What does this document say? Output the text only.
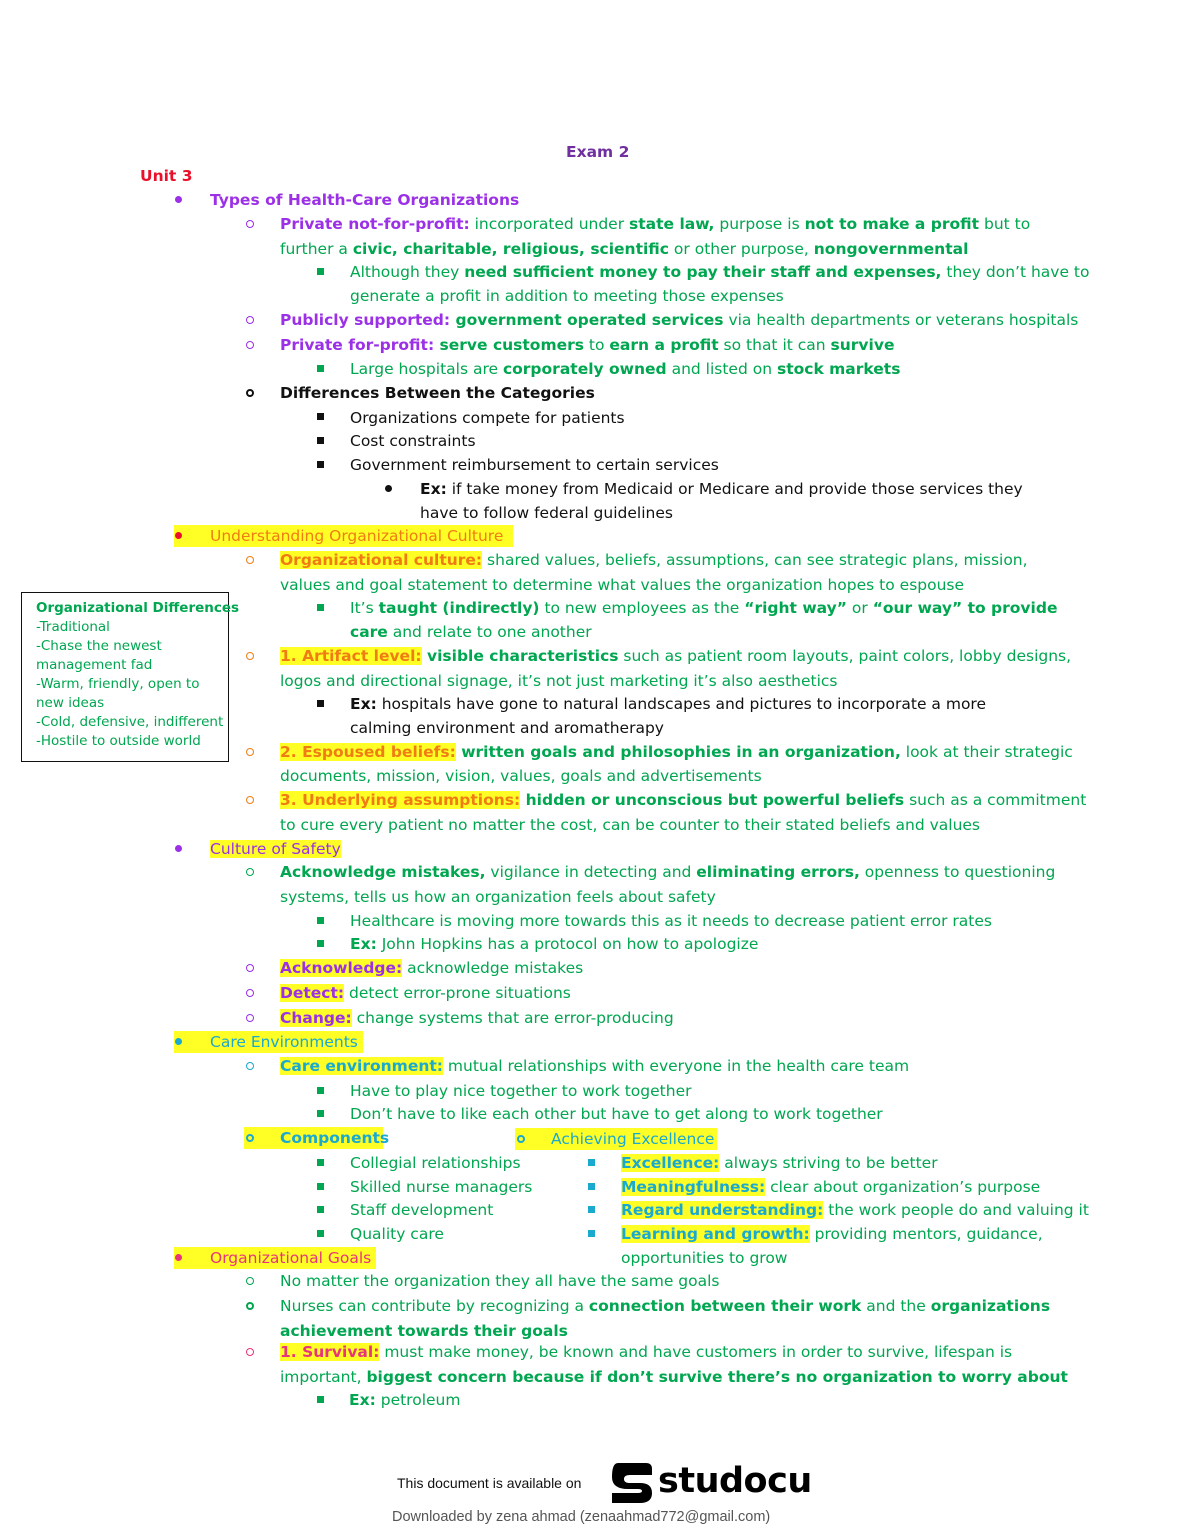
Exam 2
Unit 3
Types of Health-Care Organizations
Private not-for-profit: incorporated under state law, purpose is not to make a profit but to
further a civic, charitable, religious, scientific or other purpose, nongovernmental
Although they need sufficient money to pay their staff and expenses, they don’t have to
generate a profit in addition to meeting those expenses
Publicly supported: government operated services via health departments or veterans hospitals
Private for-profit: serve customers to earn a profit so that it can survive
Large hospitals are corporately owned and listed on stock markets
Differences Between the Categories
Organizations compete for patients
Cost constraints
Government reimbursement to certain services
Ex: if take money from Medicaid or Medicare and provide those services they
have to follow federal guidelines
Understanding Organizational Culture
Organizational culture: shared values, beliefs, assumptions, can see strategic plans, mission,
values and goal statement to determine what values the organization hopes to espouse
It’s taught (indirectly) to new employees as the “right way” or “our way” to provide
care and relate to one another
1. Artifact level: visible characteristics such as patient room layouts, paint colors, lobby designs,
logos and directional signage, it’s not just marketing it’s also aesthetics
Ex: hospitals have gone to natural landscapes and pictures to incorporate a more
calming environment and aromatherapy
2. Espoused beliefs: written goals and philosophies in an organization, look at their strategic
documents, mission, vision, values, goals and advertisements
3. Underlying assumptions: hidden or unconscious but powerful beliefs such as a commitment
to cure every patient no matter the cost, can be counter to their stated beliefs and values
Organizational Differences
-Traditional
-Chase the newest
management fad
-Warm, friendly, open to
new ideas
-Cold, defensive, indifferent
-Hostile to outside world
Culture of Safety
Acknowledge mistakes, vigilance in detecting and eliminating errors, openness to questioning
systems, tells us how an organization feels about safety
Healthcare is moving more towards this as it needs to decrease patient error rates
Ex: John Hopkins has a protocol on how to apologize
Acknowledge: acknowledge mistakes
Detect: detect error-prone situations
Change: change systems that are error-producing
Care Environments
Care environment: mutual relationships with everyone in the health care team
Have to play nice together to work together
Don’t have to like each other but have to get along to work together
Components	Achieving Excellence
Collegial relationships
Skilled nurse managers
Staff development
Quality care
Excellence: always striving to be better
Meaningfulness: clear about organization’s purpose
Regard understanding: the work people do and valuing it
Learning and growth: providing mentors, guidance,
opportunities to grow
Organizational Goals
No matter the organization they all have the same goals
Nurses can contribute by recognizing a connection between their work and the organizations
achievement towards their goals
1. Survival: must make money, be known and have customers in order to survive, lifespan is
important, biggest concern because if don’t survive there’s no organization to worry about
Ex: petroleum
This document is available on studocu
Downloaded by zena ahmad (zenaahmad772@gmail.com)
